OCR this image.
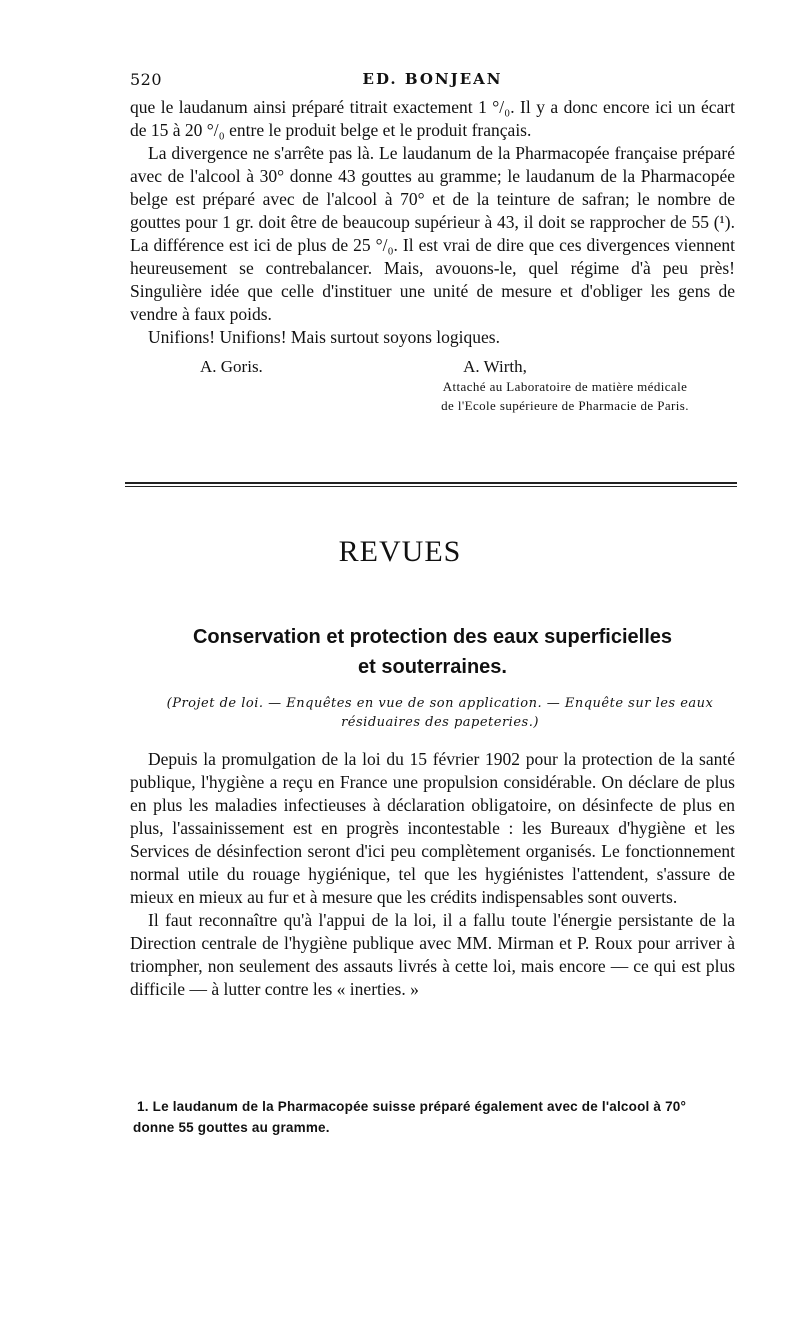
520	ED. BONJEAN

que le laudanum ainsi préparé titrait exactement 1 °/₀. Il y a donc encore ici un écart de 15 à 20 °/₀ entre le produit belge et le produit français.

La divergence ne s'arrête pas là. Le laudanum de la Pharmacopée française préparé avec de l'alcool à 30° donne 43 gouttes au gramme; le laudanum de la Pharmacopée belge est préparé avec de l'alcool à 70° et de la teinture de safran; le nombre de gouttes pour 1 gr. doit être de beaucoup supérieur à 43, il doit se rapprocher de 55 (¹). La différence est ici de plus de 25 °/₀. Il est vrai de dire que ces divergences viennent heureusement se contrebalancer. Mais, avouons-le, quel régime d'à peu près! Singulière idée que celle d'instituer une unité de mesure et d'obliger les gens de vendre à faux poids.

Unifions! Unifions! Mais surtout soyons logiques.

A. Goris.	A. Wirth,
Attaché au Laboratoire de matière médicale
de l'Ecole supérieure de Pharmacie de Paris.
REVUES
Conservation et protection des eaux superficielles
et souterraines.
(Projet de loi. — Enquêtes en vue de son application. — Enquête sur les eaux
résiduaires des papeteries.)

Depuis la promulgation de la loi du 15 février 1902 pour la protection de la santé publique, l'hygiène a reçu en France une propulsion considérable. On déclare de plus en plus les maladies infectieuses à déclaration obligatoire, on désinfecte de plus en plus, l'assainissement est en progrès incontestable : les Bureaux d'hygiène et les Services de désinfection seront d'ici peu complètement organisés. Le fonctionnement normal utile du rouage hygiénique, tel que les hygiénistes l'attendent, s'assure de mieux en mieux au fur et à mesure que les crédits indispensables sont ouverts.

Il faut reconnaître qu'à l'appui de la loi, il a fallu toute l'énergie persistante de la Direction centrale de l'hygiène publique avec MM. Mirman et P. Roux pour arriver à triompher, non seulement des assauts livrés à cette loi, mais encore — ce qui est plus difficile — à lutter contre les « inerties. »

1. Le laudanum de la Pharmacopée suisse préparé également avec de l'alcool à 70°
donne 55 gouttes au gramme.
